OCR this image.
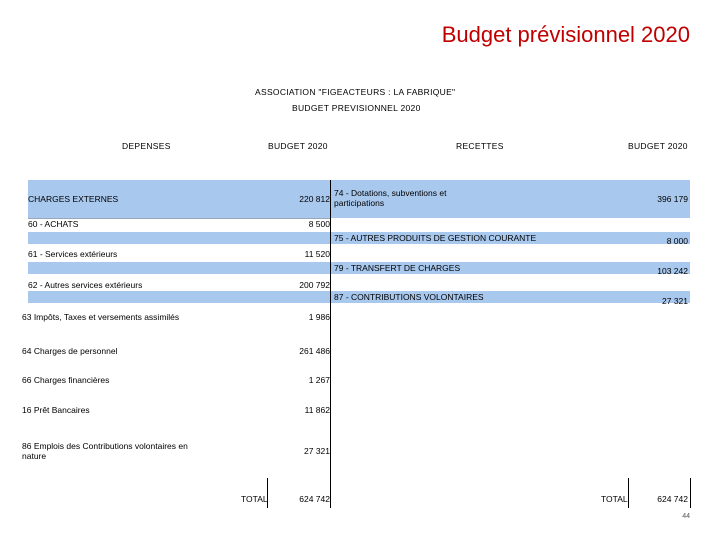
Budget prévisionnel 2020
ASSOCIATION "FIGEACTEURS : LA FABRIQUE"
BUDGET PREVISIONNEL 2020
DEPENSES	BUDGET 2020	RECETTES	BUDGET 2020
CHARGES EXTERNES	220 812
60 - ACHATS	8 500
61 - Services extérieurs	11 520
62 - Autres services extérieurs	200 792
63 Impôts, Taxes et versements assimilés	1 986
64 Charges de personnel	261 486
66 Charges financières	1 267
16 Prêt Bancaires	11 862
86 Emplois des Contributions volontaires en nature	27 321
74 - Dotations, subventions et participations	396 179
75 - AUTRES PRODUITS DE GESTION COURANTE	8 000
79 - TRANSFERT DE CHARGES	103 242
87 - CONTRIBUTIONS VOLONTAIRES	27 321
TOTAL	624 742	TOTAL	624 742
44
